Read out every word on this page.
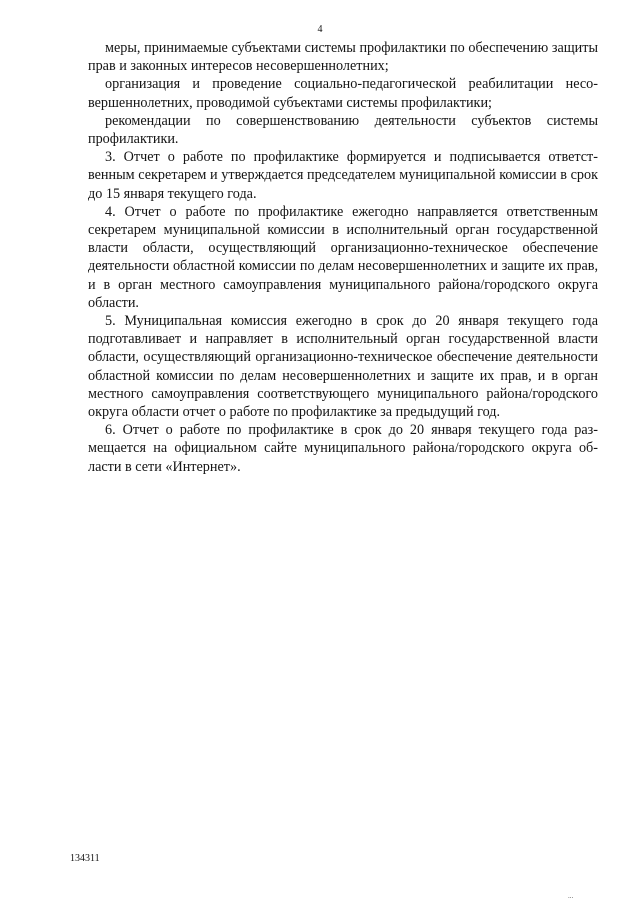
4

меры, принимаемые субъектами системы профилактики по обеспечению защиты прав и законных интересов несовершеннолетних;

организация и проведение социально-педагогической реабилитации несовершеннолетних, проводимой субъектами системы профилактики;

рекомендации по совершенствованию деятельности субъектов системы профилактики.

3. Отчет о работе по профилактике формируется и подписывается ответственным секретарем и утверждается председателем муниципальной комиссии в срок до 15 января текущего года.

4. Отчет о работе по профилактике ежегодно направляется ответственным секретарем муниципальной комиссии в исполнительный орган государственной власти области, осуществляющий организационно-техническое обеспечение деятельности областной комиссии по делам несовершеннолетних и защите их прав, и в орган местного самоуправления муниципального района/городского округа области.

5. Муниципальная комиссия ежегодно в срок до 20 января текущего года подготавливает и направляет в исполнительный орган государственной власти области, осуществляющий организационно-техническое обеспечение деятельности областной комиссии по делам несовершеннолетних и защите их прав, и в орган местного самоуправления соответствующего муниципального района/городского округа области отчет о работе по профилактике за предыдущий год.

6. Отчет о работе по профилактике в срок до 20 января текущего года размещается на официальном сайте муниципального района/городского округа области в сети «Интернет».

134311
...
